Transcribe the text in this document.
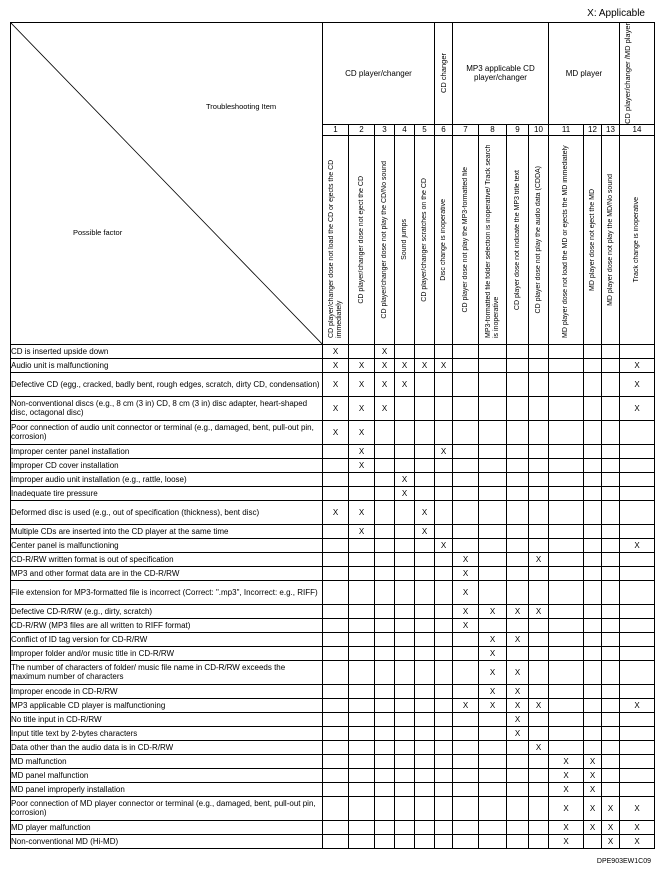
X: Applicable
Troubleshooting Item
Possible factor	CD player/changer					CD changer	MP3 applicable CD player/changer				MD player			CD player/changer /MD player

	1	2	3	4	5	6	7	8	9	10	11	12	13	14

	CD player/changer dose not load the CD or ejects the CD immediately	CD player/changer dose not eject the CD	CD player/changer dose not play the CD/No sound	Sound jumps	CD player/changer scratches on the CD	Disc change is inoperative	CD player dose not play the MP3-formatted file	MP3-formatted file folder selection is inoperative/ Track search is inoperative	CD player dose not indicate the MP3 title text	CD player dose not play the audio data (CDDA)	MD player dose not load the MD or ejects the MD immediately	MD player dose not eject the MD	MD player dose not play the MD/No sound	Track change is inoperative

CD is inserted upside down	X		X											
Audio unit is malfunctioning	X	X	X	X	X	X								X
Defective CD (egg., cracked, badly bent, rough edges, scratch, dirty CD, condensation)	X	X	X	X										X
Non-conventional discs (e.g., 8 cm (3 in) CD, 8 cm (3 in) disc adapter, heart-shaped disc, octagonal disc)	X	X	X											X
Poor connection of audio unit connector or terminal (e.g., damaged, bent, pull-out pin, corrosion)	X	X												
Improper center panel installation		X				X								
Improper CD cover installation		X												
Improper audio unit installation (e.g., rattle, loose)				X										
Inadequate tire pressure				X										
Deformed disc is used (e.g., out of specification (thickness), bent disc)	X	X			X									
Multiple CDs are inserted into the CD player at the same time		X			X									
Center panel is malfunctioning						X								X
CD-R/RW written format is out of specification							X			X				
MP3 and other format data are in the CD-R/RW							X							
File extension for MP3-formatted file is incorrect (Correct: ".mp3", Incorrect: e.g., RIFF)							X							
Defective CD-R/RW (e.g., dirty, scratch)							X	X	X	X				
CD-R/RW (MP3 files are all written to RIFF format)							X							
Conflict of ID tag version for CD-R/RW								X	X					
Improper folder and/or music title in CD-R/RW								X						
The number of characters of folder/ music file name in CD-R/RW exceeds the maximum number of characters								X	X					
Improper encode in CD-R/RW								X	X					
MP3 applicable CD player is malfunctioning							X	X	X	X				X
No title input in CD-R/RW									X					
Input title text by 2-bytes characters									X					
Data other than the audio data is in CD-R/RW										X				
MD malfunction											X	X		
MD panel malfunction											X	X		
MD panel improperly installation											X	X		
Poor connection of MD player connector or terminal (e.g., damaged, bent, pull-out pin, corrosion)											X	X	X	X
MD player malfunction											X	X	X	X
Non-conventional MD (Hi-MD)											X		X	X
DPE903EW1C09
